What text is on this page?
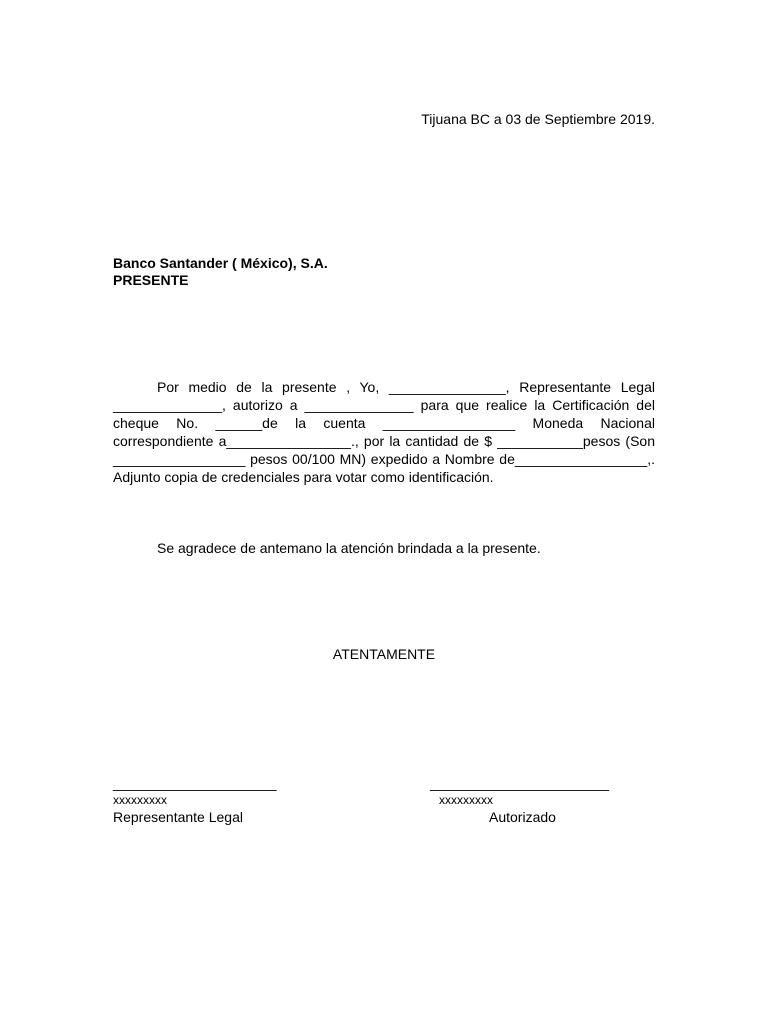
Tijuana BC a 03 de Septiembre 2019.
Banco Santander ( México), S.A.
PRESENTE

Por medio de la presente , Yo, _______________, Representante Legal ______________, autorizo a ______________ para que realice la Certificación del cheque No. ______de la cuenta _________________ Moneda Nacional correspondiente a________________., por la cantidad de $ ___________pesos (Son _________________ pesos 00/100 MN) expedido a Nombre de_________________,. Adjunto copia de credenciales para votar como identificación.

Se agradece de antemano la atención brindada a la presente.

ATENTAMENTE
_____________________
xxxxxxxxx
Representante Legal
_______________________
xxxxxxxxx
Autorizado
